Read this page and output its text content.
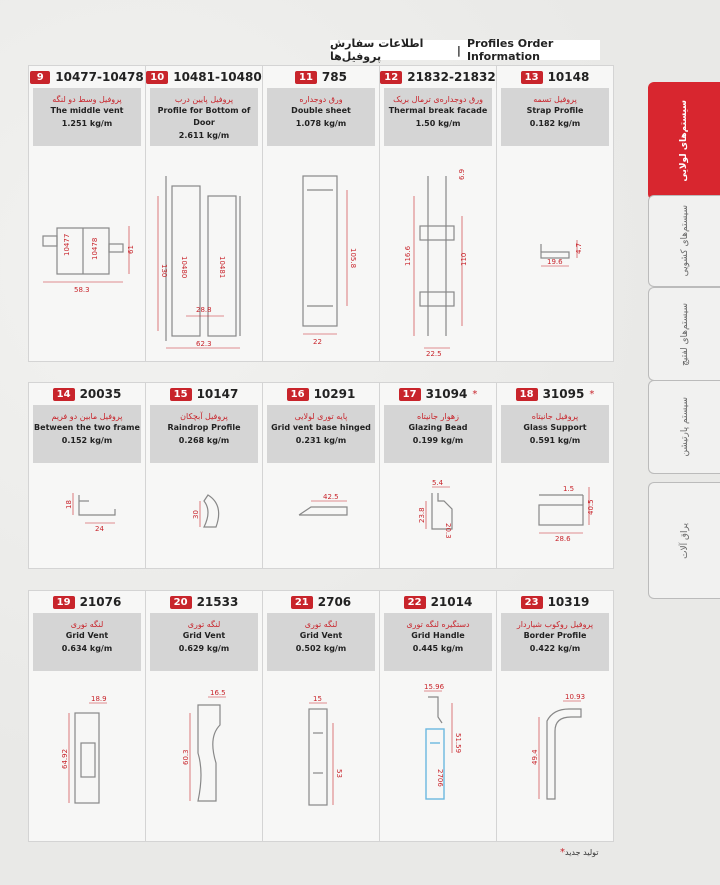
اطلاعات سفارش پروفیل‌ها	| Profiles Order Information
9 10477-10478
پروفیل وسط دو لنگه
The middle vent
1.251 kg/m
10477	10478
58.3
61
10 10481-10480
پروفیل پایین درب
Profile for Bottom of Door
2.611 kg/m
130 10480	10481
28.8
62.3
11 785
ورق دوجداره
Double sheet
1.078 kg/m
105.8
22
12 21832-21832
ورق دوجداره‌ی ترمال بریک
Thermal break facade
1.50 kg/m
116.6	110
6.9
22.5
13 10148
پروفیل تسمه
Strap Profile
0.182 kg/m
4.7
19.6
14 20035
پروفیل مابین دو فریم
Between the two frame
0.152 kg/m
18
24
15 10147
پروفیل آبچکان
Raindrop Profile
0.268 kg/m
30
16 10291
پایه توری لولایی
Grid vent base hinged
0.231 kg/m
42.5
17 31094 *
زهوار جانیتاه
Glazing Bead
0.199 kg/m
5.4
23.8
20.3
18 31095 *
پروفیل جانیتاه
Glass Support
0.591 kg/m
1.5
40.5
28.6
19 21076
لنگه توری
Grid Vent
0.634 kg/m
64.92
18.9
20 21533
لنگه توری
Grid Vent
0.629 kg/m
60.3
16.5
21 2706
لنگه توری
Grid Vent
0.502 kg/m
53
15
22 21014
دستگیره لنگه توری
Grid Handle
0.445 kg/m
51.59
15.96
2706
23 10319
پروفیل روکوب شیاردار
Border Profile
0.422 kg/m
49.4
10.93
سیستم‌های لولایی
سیستم‌های کشویی
سیستم‌های لفتیچ
سیستم پارتیشن
یراق آلات
*تولید جدید
